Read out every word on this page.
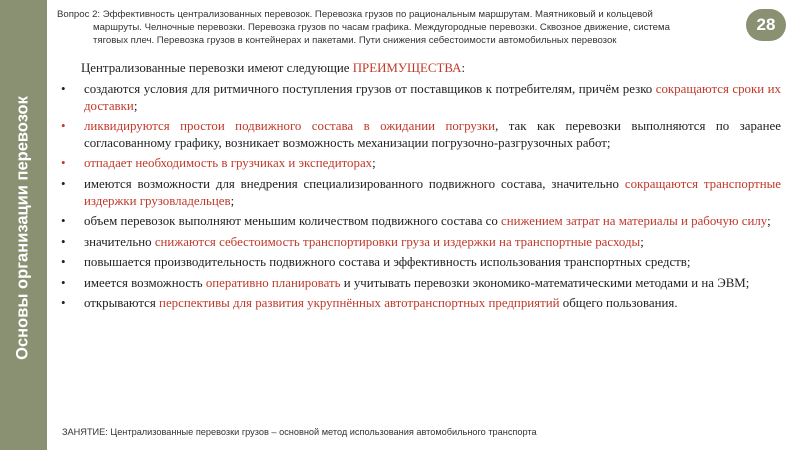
Основы организации перевозок
Вопрос 2: Эффективность централизованных перевозок. Перевозка грузов по рациональным маршрутам. Маятниковый и кольцевой
маршруты. Челночные перевозки. Перевозка грузов по часам графика. Междугородные перевозки. Сквозное движение, система
тяговых плеч. Перевозка грузов в контейнерах и пакетами. Пути снижения себестоимости автомобильных перевозок
28
Централизованные перевозки имеют следующие ПРЕИМУЩЕСТВА:
• создаются условия для ритмичного поступления грузов от поставщиков к потребителям, причём резко сокращаются сроки их доставки;
• ликвидируются простои подвижного состава в ожидании погрузки, так как перевозки выполняются по заранее согласованному графику, возникает возможность механизации погрузочно-разгрузочных работ;
• отпадает необходимость в грузчиках и экспедиторах;
• имеются возможности для внедрения специализированного подвижного состава, значительно сокращаются транспортные издержки грузовладельцев;
• объем перевозок выполняют меньшим количеством подвижного состава со снижением затрат на материалы и рабочую силу;
• значительно снижаются себестоимость транспортировки груза и издержки на транспортные расходы;
• повышается производительность подвижного состава и эффективность использования транспортных средств;
• имеется возможность оперативно планировать и учитывать перевозки экономико-математическими методами и на ЭВМ;
• открываются перспективы для развития укрупнённых автотранспортных предприятий общего пользования.
ЗАНЯТИЕ: Централизованные перевозки грузов – основной метод использования автомобильного транспорта
